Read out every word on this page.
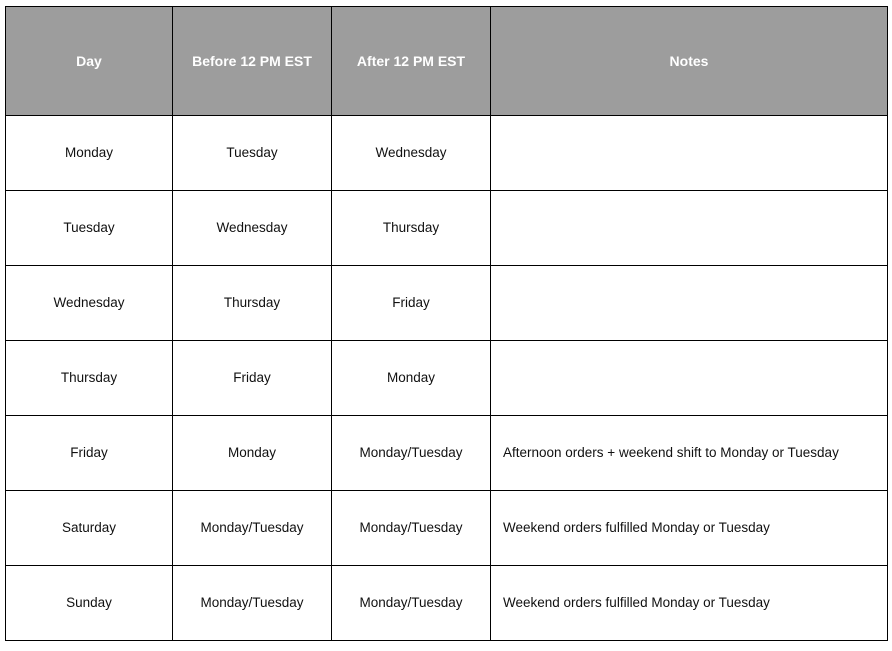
Day	Before 12 PM EST	After 12 PM EST	Notes
Monday	Tuesday	Wednesday	
Tuesday	Wednesday	Thursday	
Wednesday	Thursday	Friday	
Thursday	Friday	Monday	
Friday	Monday	Monday/Tuesday	Afternoon orders + weekend shift to Monday or Tuesday
Saturday	Monday/Tuesday	Monday/Tuesday	Weekend orders fulfilled Monday or Tuesday
Sunday	Monday/Tuesday	Monday/Tuesday	Weekend orders fulfilled Monday or Tuesday
